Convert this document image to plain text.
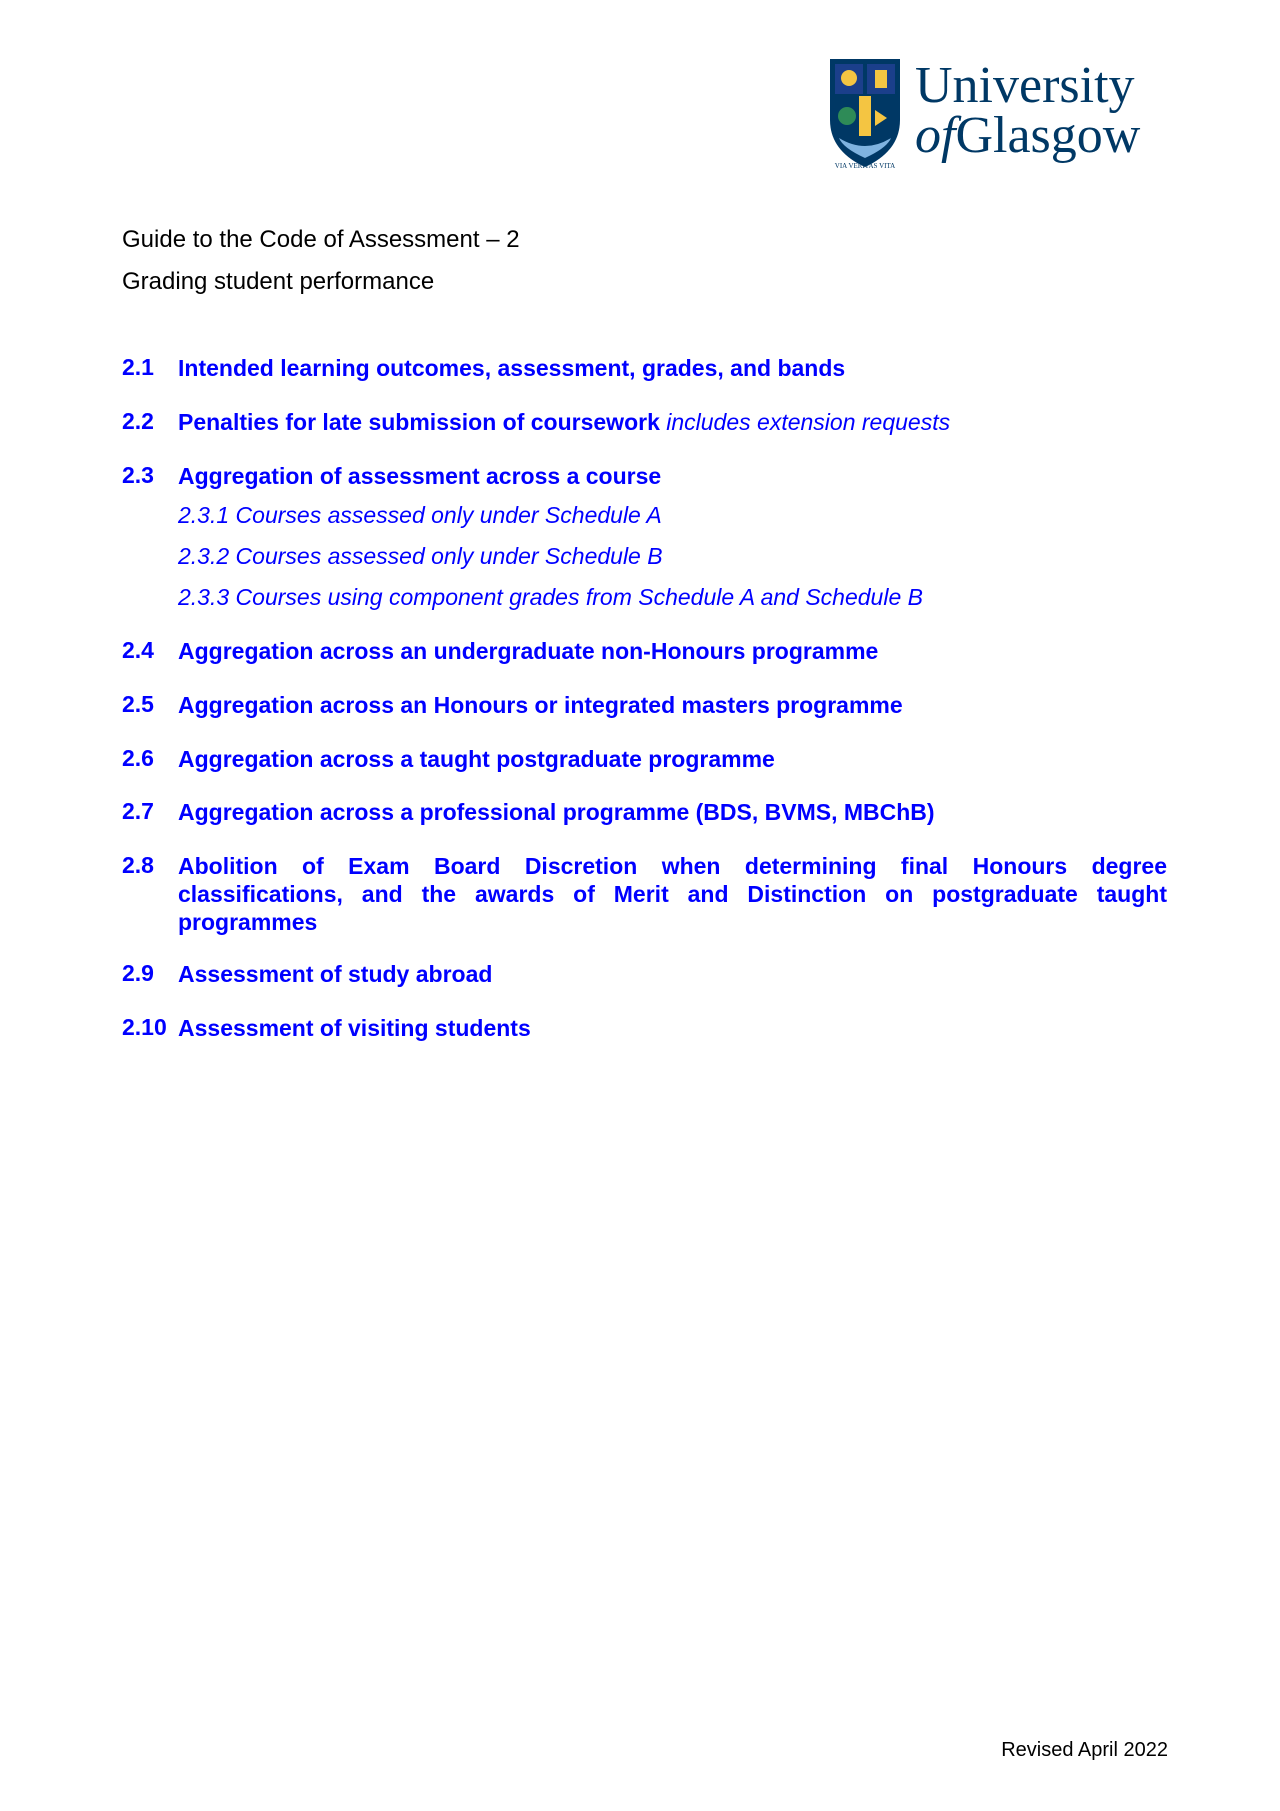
University
ofGlasgow
VIA VERITAS VITA
Guide to the Code of Assessment – 2
Grading student performance
2.1	Intended learning outcomes, assessment, grades, and bands
2.2	Penalties for late submission of coursework includes extension requests
2.3	Aggregation of assessment across a course
2.3.1 Courses assessed only under Schedule A
2.3.2 Courses assessed only under Schedule B
2.3.3 Courses using component grades from Schedule A and Schedule B
2.4	Aggregation across an undergraduate non-Honours programme
2.5	Aggregation across an Honours or integrated masters programme
2.6	Aggregation across a taught postgraduate programme
2.7	Aggregation across a professional programme (BDS, BVMS, MBChB)
2.8	Abolition of Exam Board Discretion when determining final Honours degree classifications, and the awards of Merit and Distinction on postgraduate taught programmes
2.9	Assessment of study abroad
2.10 Assessment of visiting students
Revised April 2022
